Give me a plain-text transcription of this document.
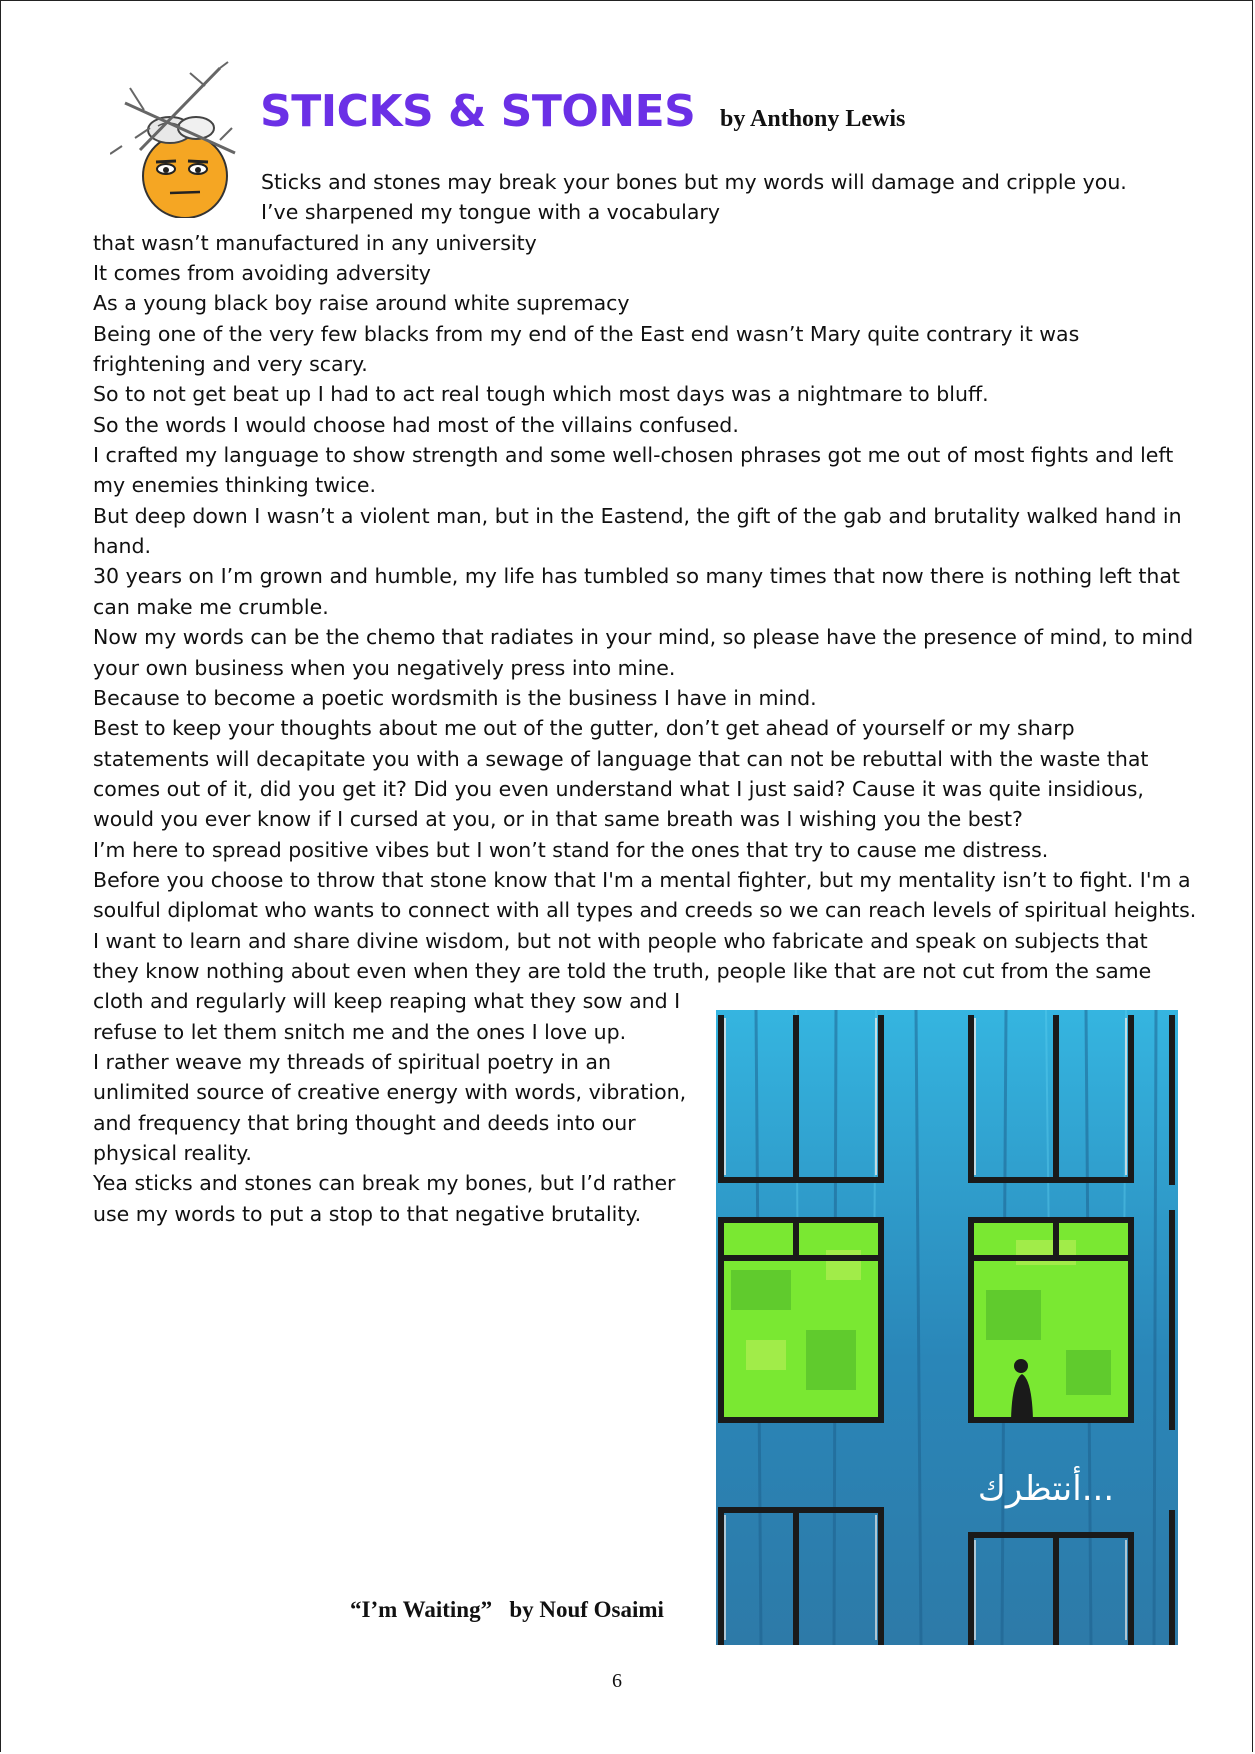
STICKS & STONES by Anthony Lewis

Sticks and stones may break your bones but my words will damage and cripple you.
I’ve sharpened my tongue with a vocabulary
that wasn’t manufactured in any university
It comes from avoiding adversity
As a young black boy raise around white supremacy
Being one of the very few blacks from my end of the East end wasn’t Mary quite contrary it was
frightening and very scary.
So to not get beat up I had to act real tough which most days was a nightmare to bluff.
So the words I would choose had most of the villains confused.
I crafted my language to show strength and some well-chosen phrases got me out of most fights and left
my enemies thinking twice.
But deep down I wasn’t a violent man, but in the Eastend, the gift of the gab and brutality walked hand in
hand.
30 years on I’m grown and humble, my life has tumbled so many times that now there is nothing left that
can make me crumble.
Now my words can be the chemo that radiates in your mind, so please have the presence of mind, to mind
your own business when you negatively press into mine.
Because to become a poetic wordsmith is the business I have in mind.
Best to keep your thoughts about me out of the gutter, don’t get ahead of yourself or my sharp
statements will decapitate you with a sewage of language that can not be rebuttal with the waste that
comes out of it, did you get it? Did you even understand what I just said? Cause it was quite insidious,
would you ever know if I cursed at you, or in that same breath was I wishing you the best?
I’m here to spread positive vibes but I won’t stand for the ones that try to cause me distress.
Before you choose to throw that stone know that I'm a mental fighter, but my mentality isn’t to fight. I'm a
soulful diplomat who wants to connect with all types and creeds so we can reach levels of spiritual heights.
I want to learn and share divine wisdom, but not with people who fabricate and speak on subjects that
they know nothing about even when they are told the truth, people like that are not cut from the same
cloth and regularly will keep reaping what they sow and I
refuse to let them snitch me and the ones I love up.
I rather weave my threads of spiritual poetry in an
unlimited source of creative energy with words, vibration,
and frequency that bring thought and deeds into our
physical reality.
Yea sticks and stones can break my bones, but I’d rather
use my words to put a stop to that negative brutality.
أنتظرك...

“I’m Waiting”   by Nouf Osaimi

6
